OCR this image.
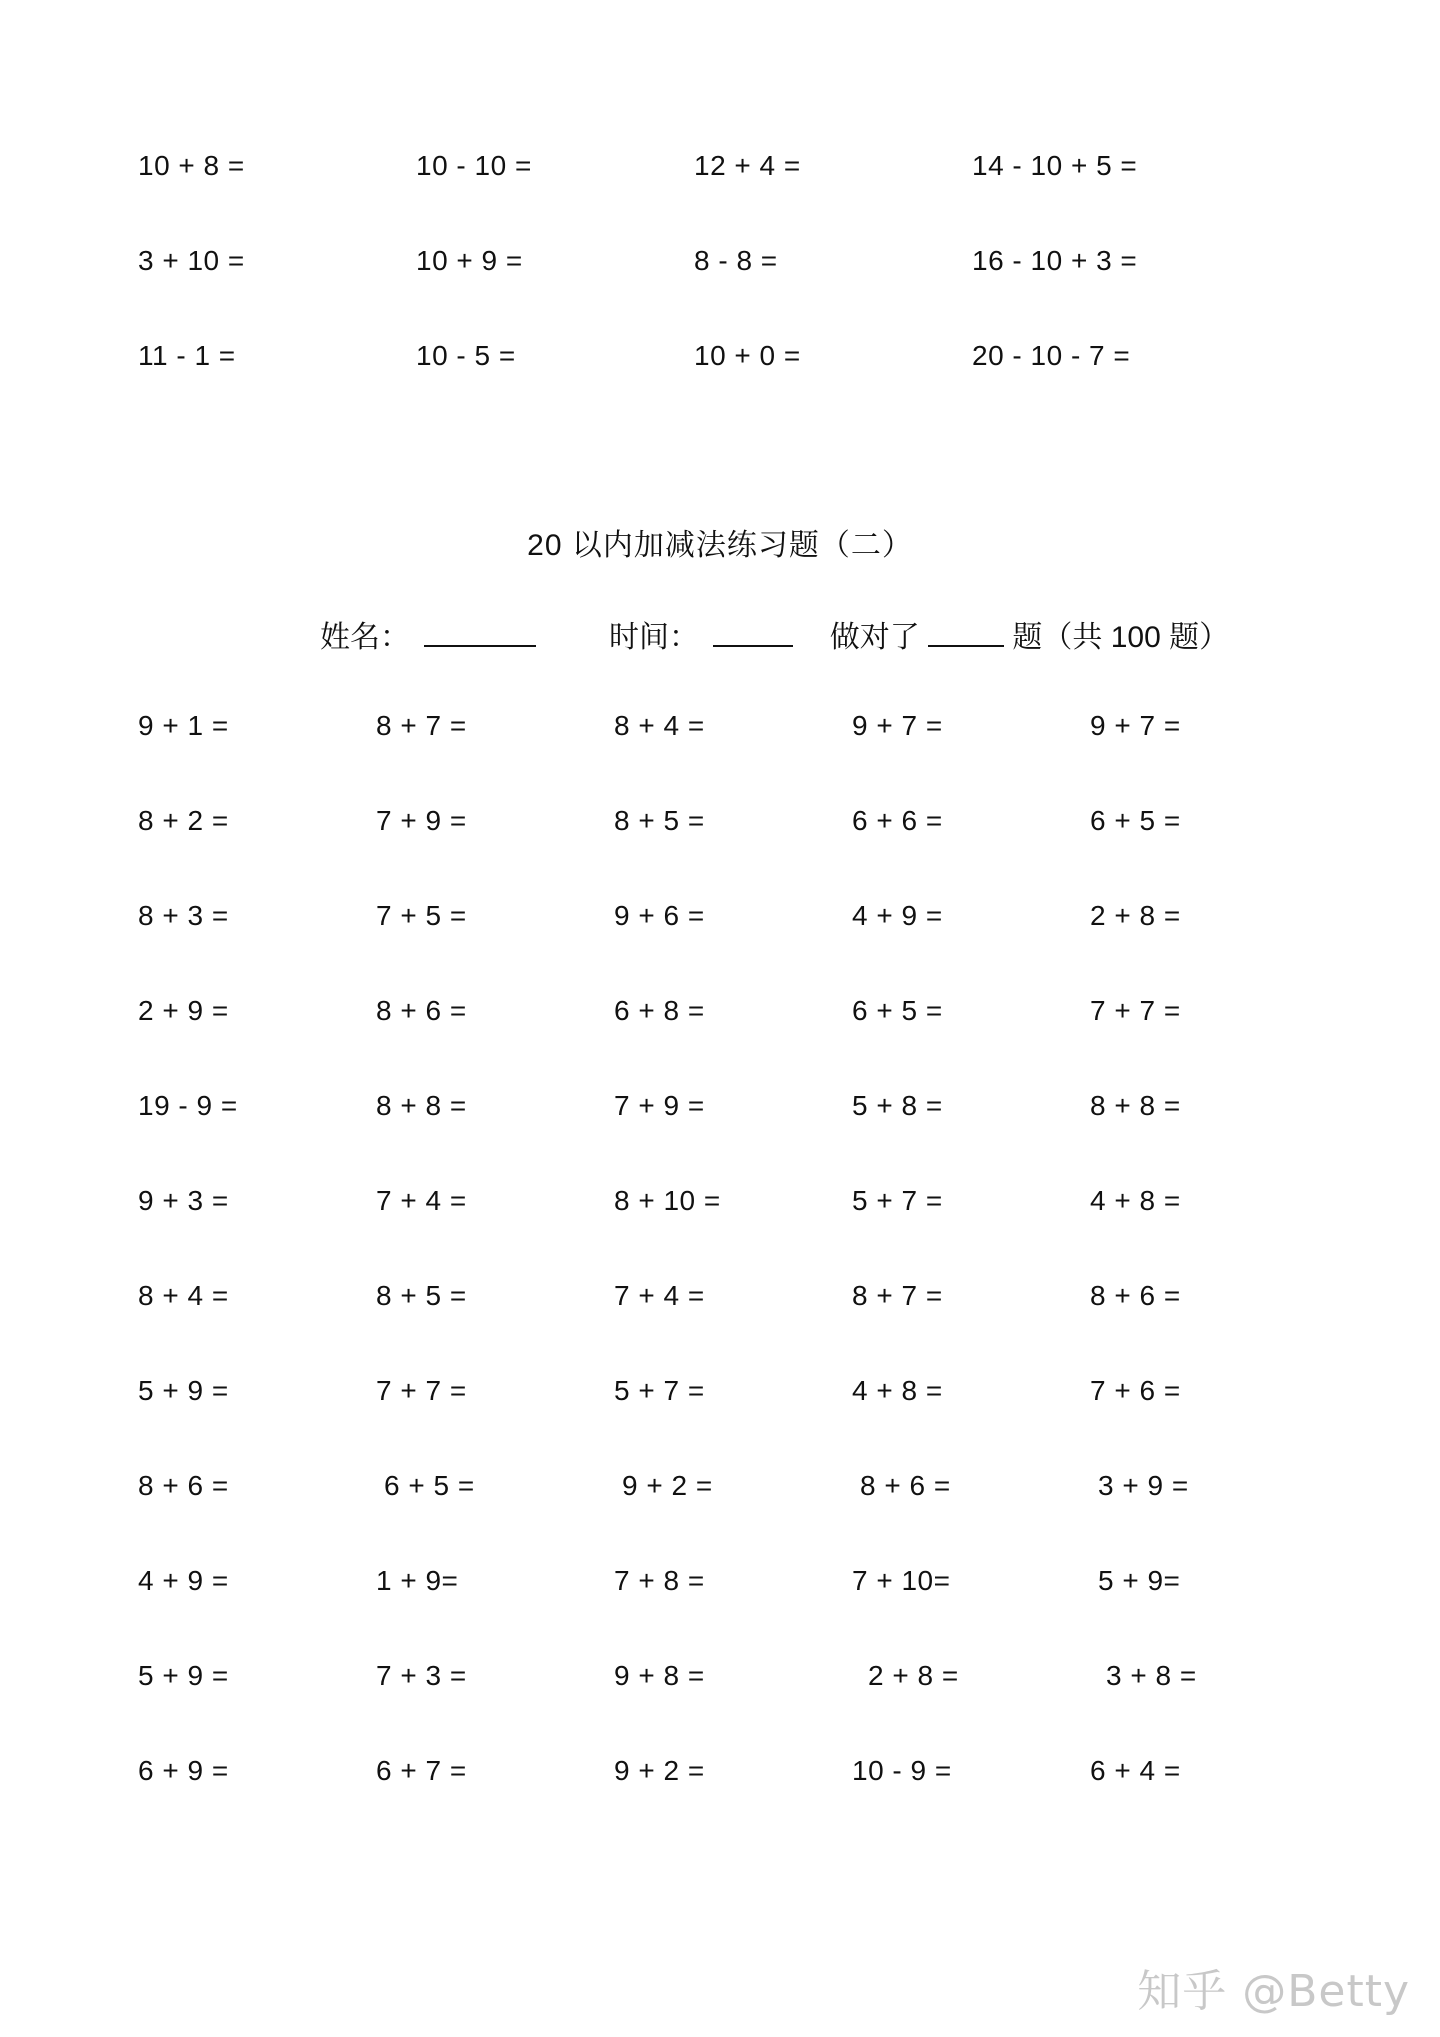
10 + 8 =	10 - 10 =	12 + 4 =	14 - 10 + 5 =
3 + 10 =	10 + 9 =	8 - 8 =	16 - 10 + 3 =
11 - 1 =	10 - 5 =	10 + 0 =	20 - 10 - 7 =
20 以内加减法练习题（二）
姓名：	时间：	做对了	题（共 100 题）
9 + 1 =	8 + 7 =	8 + 4 =	9 + 7 =	9 + 7 =
8 + 2 =	7 + 9 =	8 + 5 =	6 + 6 =	6 + 5 =
8 + 3 =	7 + 5 =	9 + 6 =	4 + 9 =	2 + 8 =
2 + 9 =	8 + 6 =	6 + 8 =	6 + 5 =	7 + 7 =
19 - 9 =	8 + 8 =	7 + 9 =	5 + 8 =	8 + 8 =
9 + 3 =	7 + 4 =	8 + 10 =	5 + 7 =	4 + 8 =
8 + 4 =	8 + 5 =	7 + 4 =	8 + 7 =	8 + 6 =
5 + 9 =	7 + 7 =	5 + 7 =	4 + 8 =	7 + 6 =
8 + 6 =	6 + 5 =	9 + 2 =	8 + 6 =	3 + 9 =
4 + 9 =	1 + 9=	7 + 8 =	7 + 10=	5 + 9=
5 + 9 =	7 + 3 =	9 + 8 =	2 + 8 =	3 + 8 =
6 + 9 =	6 + 7 =	9 + 2 =	10 - 9 =	6 + 4 =
知乎 @Betty
